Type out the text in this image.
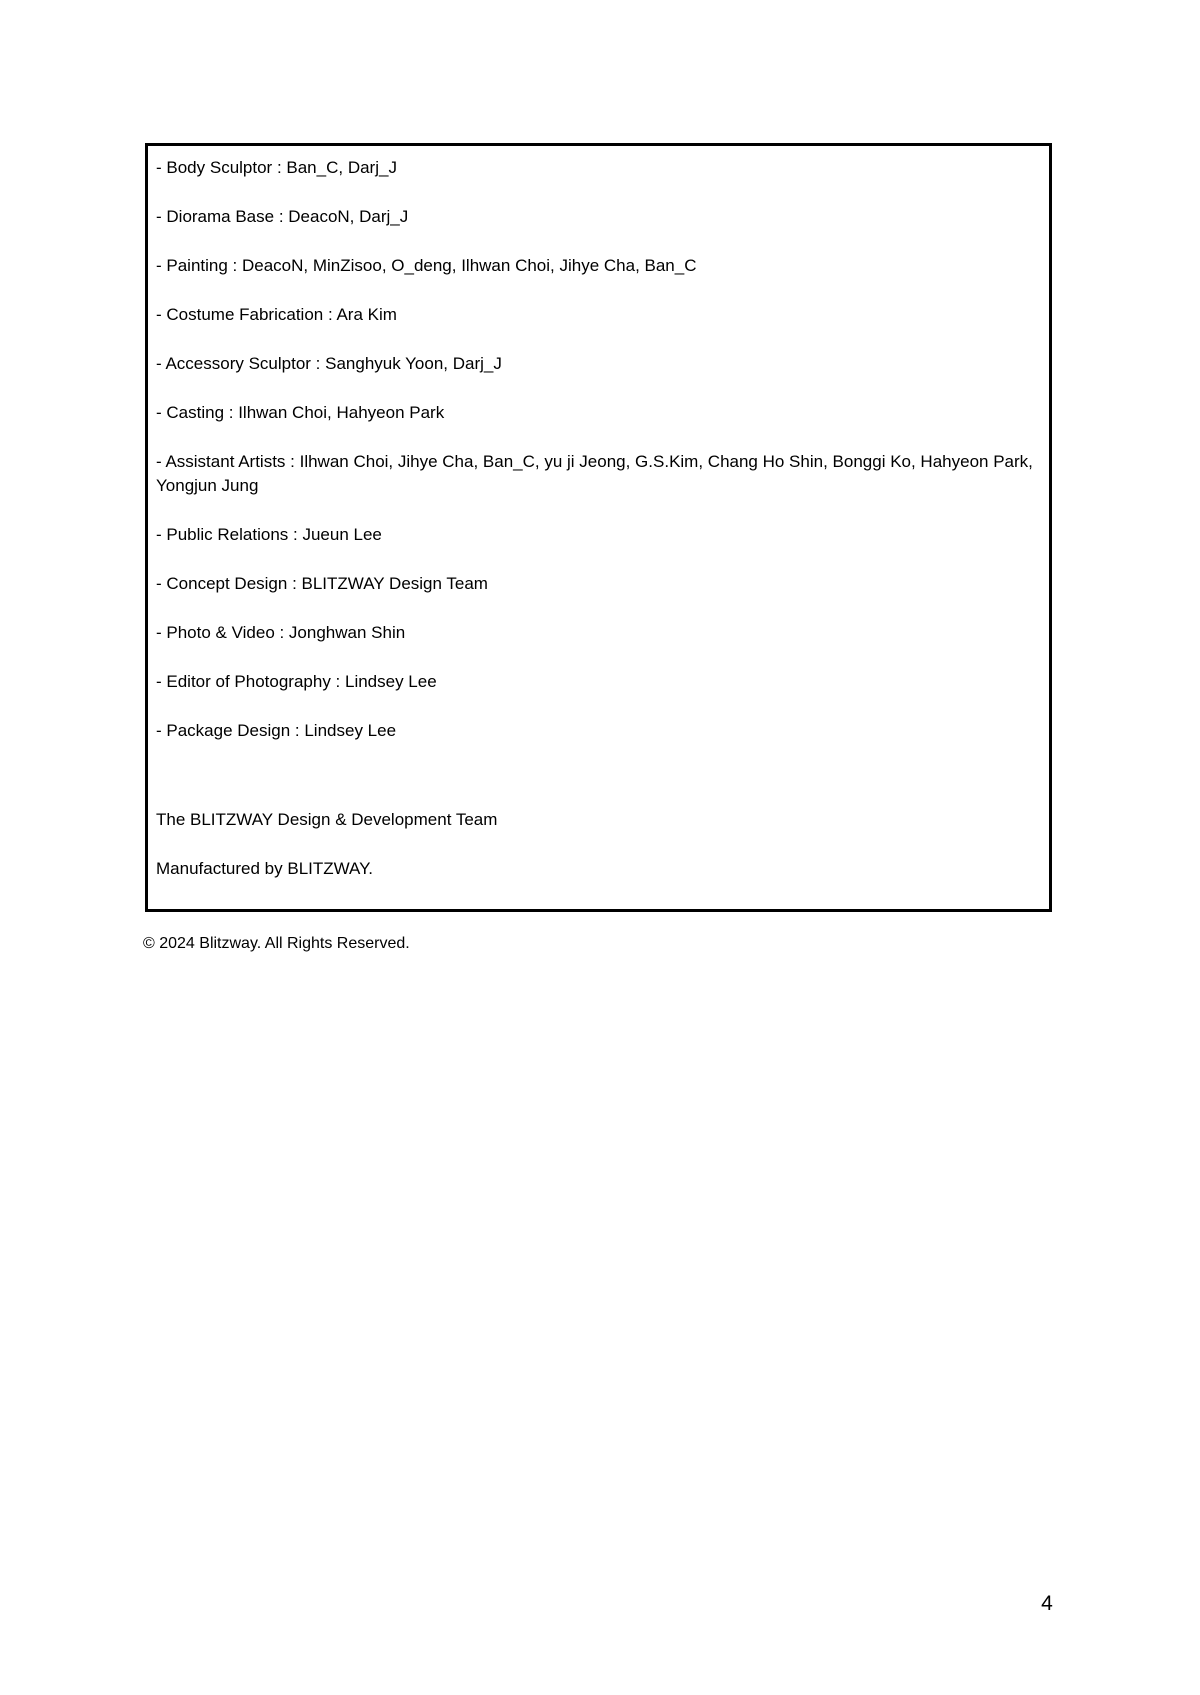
- Body Sculptor : Ban_C, Darj_J

- Diorama Base : DeacoN, Darj_J

- Painting : DeacoN, MinZisoo, O_deng, Ilhwan Choi, Jihye Cha, Ban_C

- Costume Fabrication : Ara Kim

- Accessory Sculptor : Sanghyuk Yoon, Darj_J

- Casting : Ilhwan Choi, Hahyeon Park

- Assistant Artists : Ilhwan Choi, Jihye Cha, Ban_C, yu ji Jeong, G.S.Kim, Chang Ho Shin, Bonggi Ko, Hahyeon Park, Yongjun Jung

- Public Relations : Jueun Lee

- Concept Design : BLITZWAY Design Team

- Photo & Video : Jonghwan Shin

- Editor of Photography : Lindsey Lee

- Package Design : Lindsey Lee

The BLITZWAY Design & Development Team

Manufactured by BLITZWAY.

© 2024 Blitzway. All Rights Reserved.

4
